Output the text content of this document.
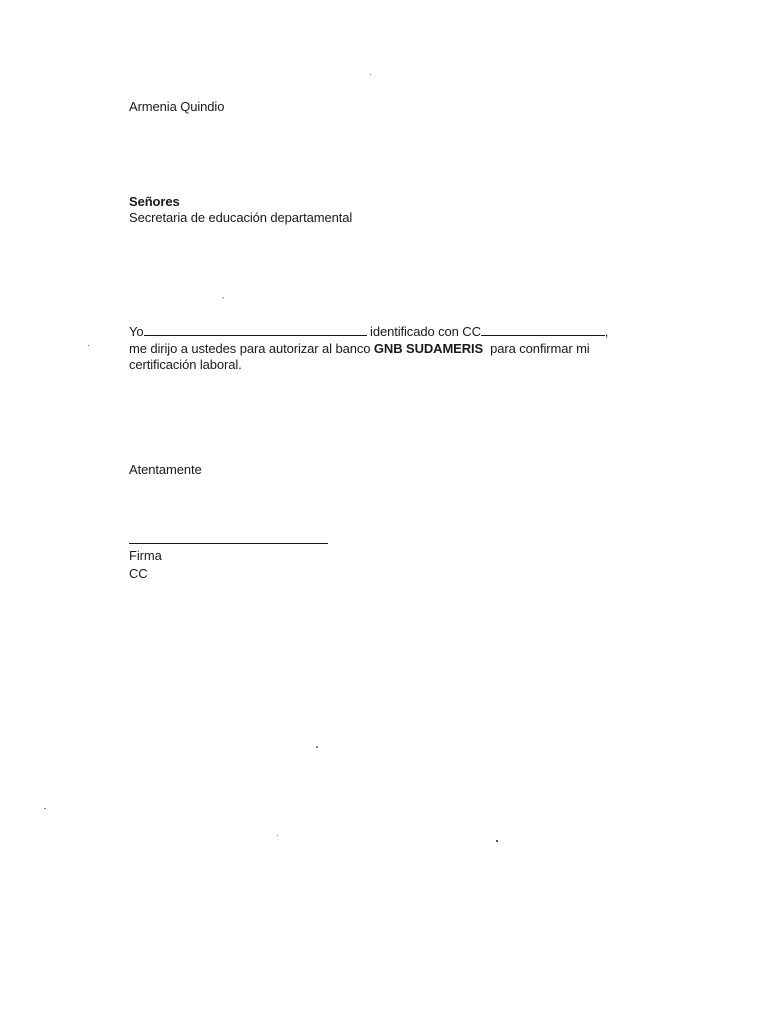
Armenia Quindio
Señores
Secretaria de educación departamental
Yo	identificado con CC	,
me dirijo a ustedes para autorizar al banco GNB SUDAMERIS  para confirmar mi
certificación laboral.
Atentamente
Firma
CC
